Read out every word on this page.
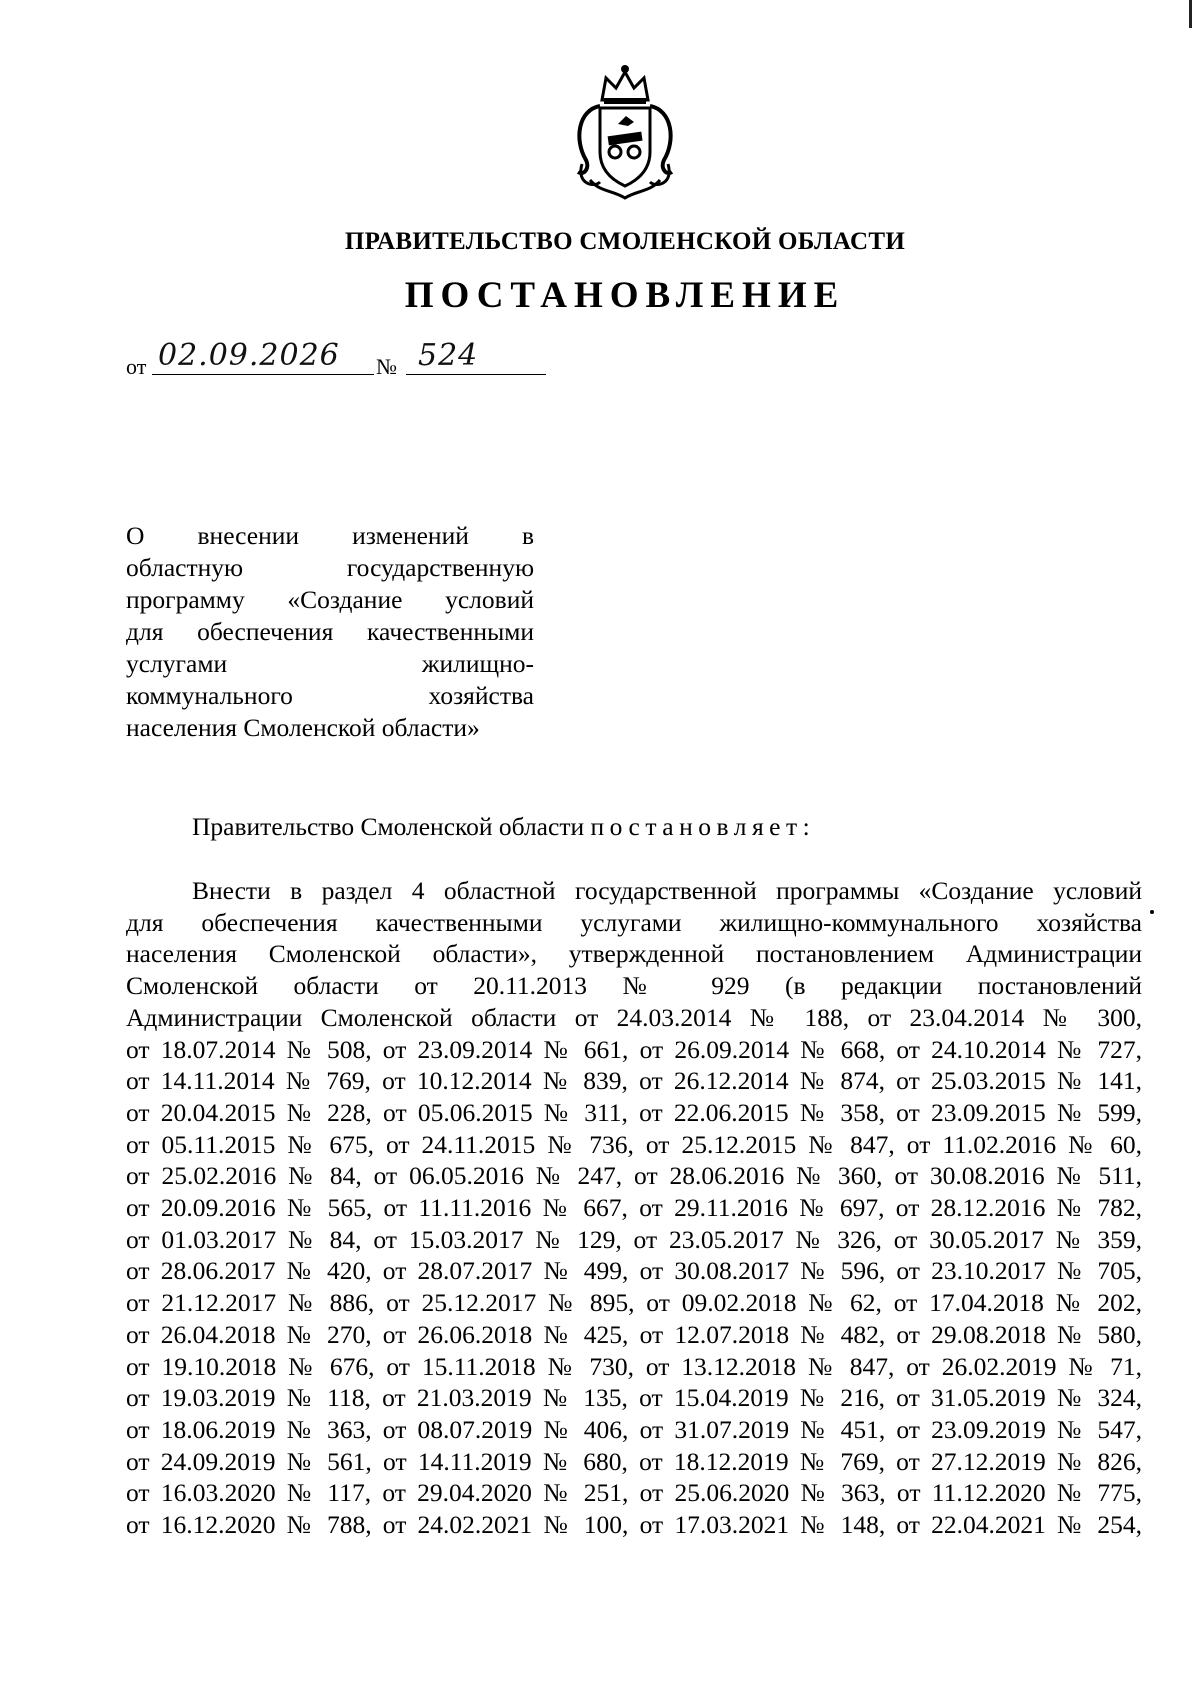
ПРАВИТЕЛЬСТВО СМОЛЕНСКОЙ ОБЛАСТИ
ПОСТАНОВЛЕНИЕ
от 02.09.2026 № 524
О внесении изменений в
областную государственную
программу «Создание условий
для обеспечения качественными
услугами жилищно-
коммунального хозяйства
населения Смоленской области»
Правительство Смоленской области постановляет:
Внести в раздел 4 областной государственной программы «Создание условий
для обеспечения качественными услугами жилищно-коммунального хозяйства
населения Смоленской области», утвержденной постановлением Администрации
Смоленской области от 20.11.2013 № 929 (в редакции постановлений
Администрации Смоленской области от 24.03.2014 № 188, от 23.04.2014 № 300,
от 18.07.2014 № 508, от 23.09.2014 № 661, от 26.09.2014 № 668, от 24.10.2014 № 727,
от 14.11.2014 № 769, от 10.12.2014 № 839, от 26.12.2014 № 874, от 25.03.2015 № 141,
от 20.04.2015 № 228, от 05.06.2015 № 311, от 22.06.2015 № 358, от 23.09.2015 № 599,
от 05.11.2015 № 675, от 24.11.2015 № 736, от 25.12.2015 № 847, от 11.02.2016 № 60,
от 25.02.2016 № 84, от 06.05.2016 № 247, от 28.06.2016 № 360, от 30.08.2016 № 511,
от 20.09.2016 № 565, от 11.11.2016 № 667, от 29.11.2016 № 697, от 28.12.2016 № 782,
от 01.03.2017 № 84, от 15.03.2017 № 129, от 23.05.2017 № 326, от 30.05.2017 № 359,
от 28.06.2017 № 420, от 28.07.2017 № 499, от 30.08.2017 № 596, от 23.10.2017 № 705,
от 21.12.2017 № 886, от 25.12.2017 № 895, от 09.02.2018 № 62, от 17.04.2018 № 202,
от 26.04.2018 № 270, от 26.06.2018 № 425, от 12.07.2018 № 482, от 29.08.2018 № 580,
от 19.10.2018 № 676, от 15.11.2018 № 730, от 13.12.2018 № 847, от 26.02.2019 № 71,
от 19.03.2019 № 118, от 21.03.2019 № 135, от 15.04.2019 № 216, от 31.05.2019 № 324,
от 18.06.2019 № 363, от 08.07.2019 № 406, от 31.07.2019 № 451, от 23.09.2019 № 547,
от 24.09.2019 № 561, от 14.11.2019 № 680, от 18.12.2019 № 769, от 27.12.2019 № 826,
от 16.03.2020 № 117, от 29.04.2020 № 251, от 25.06.2020 № 363, от 11.12.2020 № 775,
от 16.12.2020 № 788, от 24.02.2021 № 100, от 17.03.2021 № 148, от 22.04.2021 № 254,
